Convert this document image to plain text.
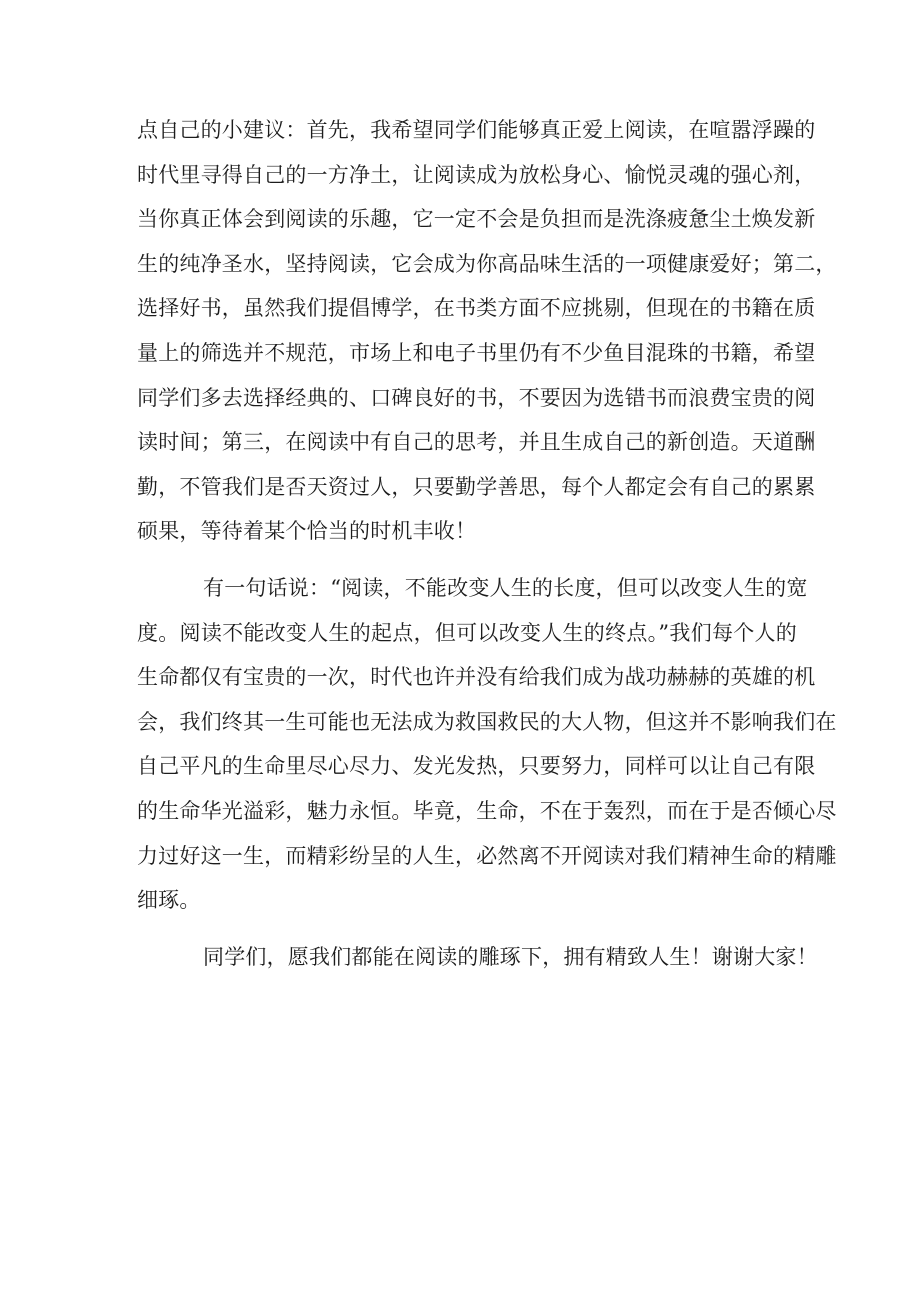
点自己的小建议：首先，我希望同学们能够真正爱上阅读，在喧嚣浮躁的
时代里寻得自己的一方净土，让阅读成为放松身心、愉悦灵魂的强心剂，
当你真正体会到阅读的乐趣，它一定不会是负担而是洗涤疲惫尘土焕发新
生的纯净圣水，坚持阅读，它会成为你高品味生活的一项健康爱好；第二，
选择好书，虽然我们提倡博学，在书类方面不应挑剔，但现在的书籍在质
量上的筛选并不规范，市场上和电子书里仍有不少鱼目混珠的书籍，希望
同学们多去选择经典的、口碑良好的书，不要因为选错书而浪费宝贵的阅
读时间；第三，在阅读中有自己的思考，并且生成自己的新创造。天道酬
勤，不管我们是否天资过人，只要勤学善思，每个人都定会有自己的累累
硕果，等待着某个恰当的时机丰收！
有一句话说：“阅读，不能改变人生的长度，但可以改变人生的宽
度。阅读不能改变人生的起点，但可以改变人生的终点。”我们每个人的
生命都仅有宝贵的一次，时代也许并没有给我们成为战功赫赫的英雄的机
会，我们终其一生可能也无法成为救国救民的大人物，但这并不影响我们在
自己平凡的生命里尽心尽力、发光发热，只要努力，同样可以让自己有限
的生命华光溢彩，魅力永恒。毕竟，生命，不在于轰烈，而在于是否倾心尽
力过好这一生，而精彩纷呈的人生，必然离不开阅读对我们精神生命的精雕
细琢。
同学们，愿我们都能在阅读的雕琢下，拥有精致人生！谢谢大家！
